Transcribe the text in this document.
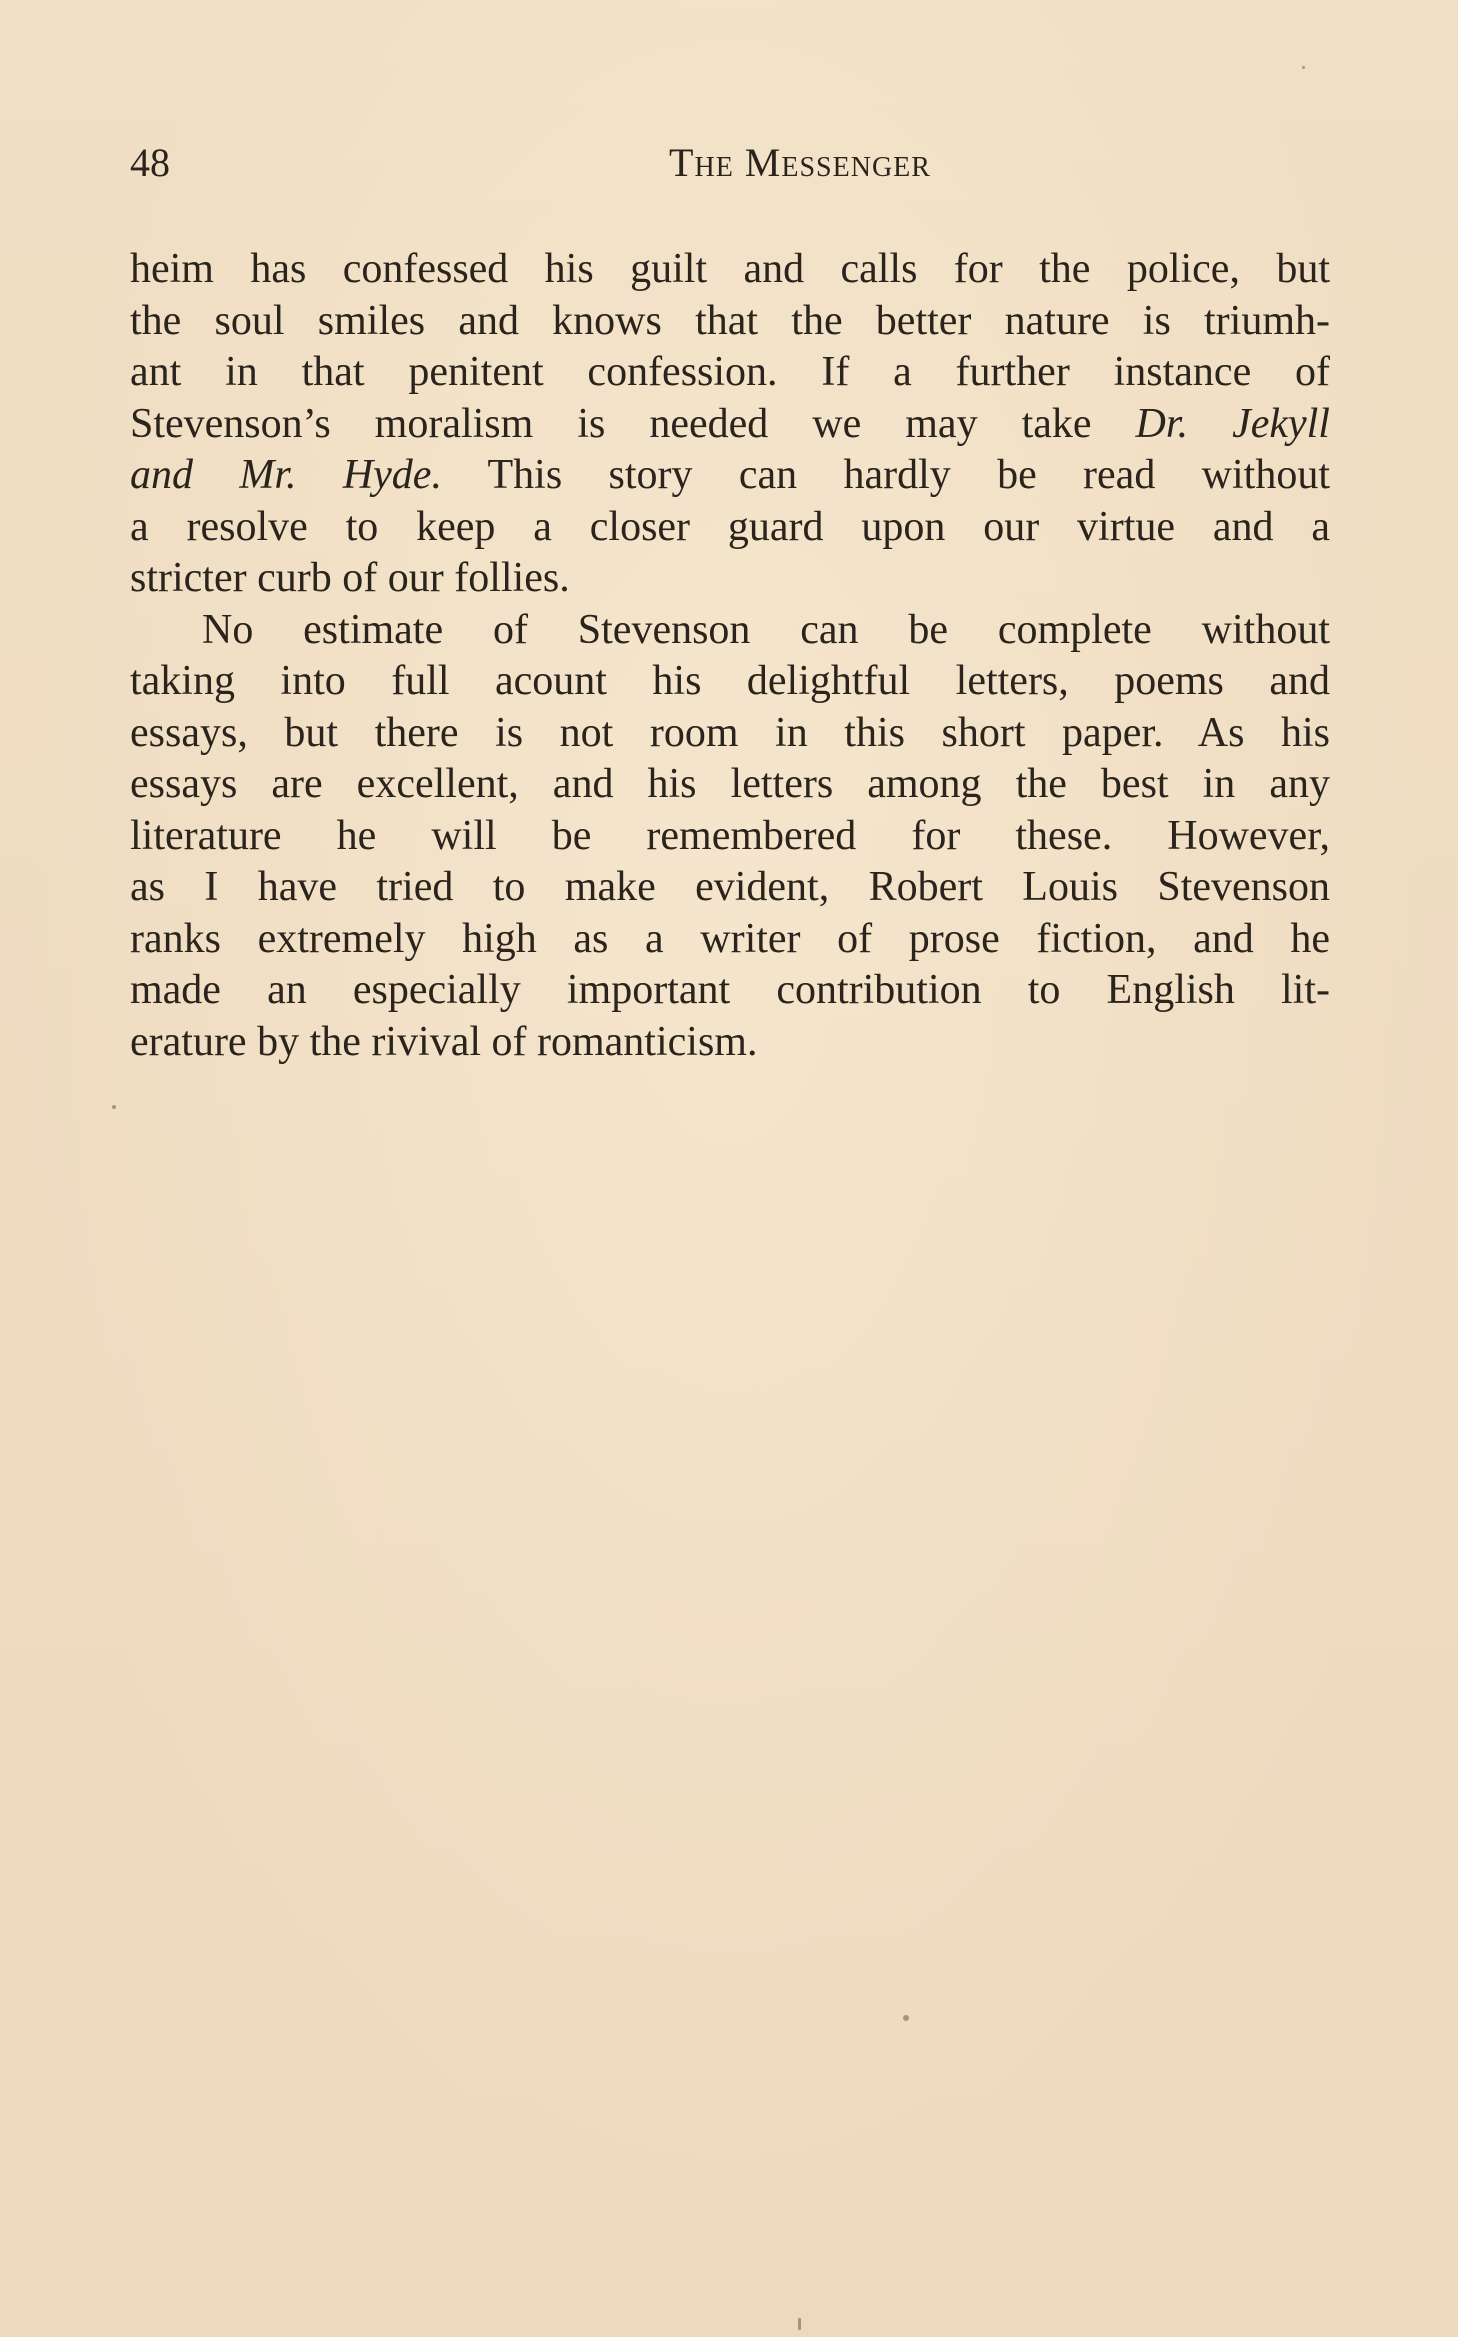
48	The Messenger
heim has confessed his guilt and calls for the police, but
the soul smiles and knows that the better nature is triumh-
ant in that penitent confession. If a further instance of
Stevenson’s moralism is needed we may take Dr. Jekyll
and Mr. Hyde. This story can hardly be read without
a resolve to keep a closer guard upon our virtue and a
stricter curb of our follies.
No estimate of Stevenson can be complete without
taking into full acount his delightful letters, poems and
essays, but there is not room in this short paper. As his
essays are excellent, and his letters among the best in any
literature he will be remembered for these. However,
as I have tried to make evident, Robert Louis Stevenson
ranks extremely high as a writer of prose fiction, and he
made an especially important contribution to English lit-
erature by the rivival of romanticism.
